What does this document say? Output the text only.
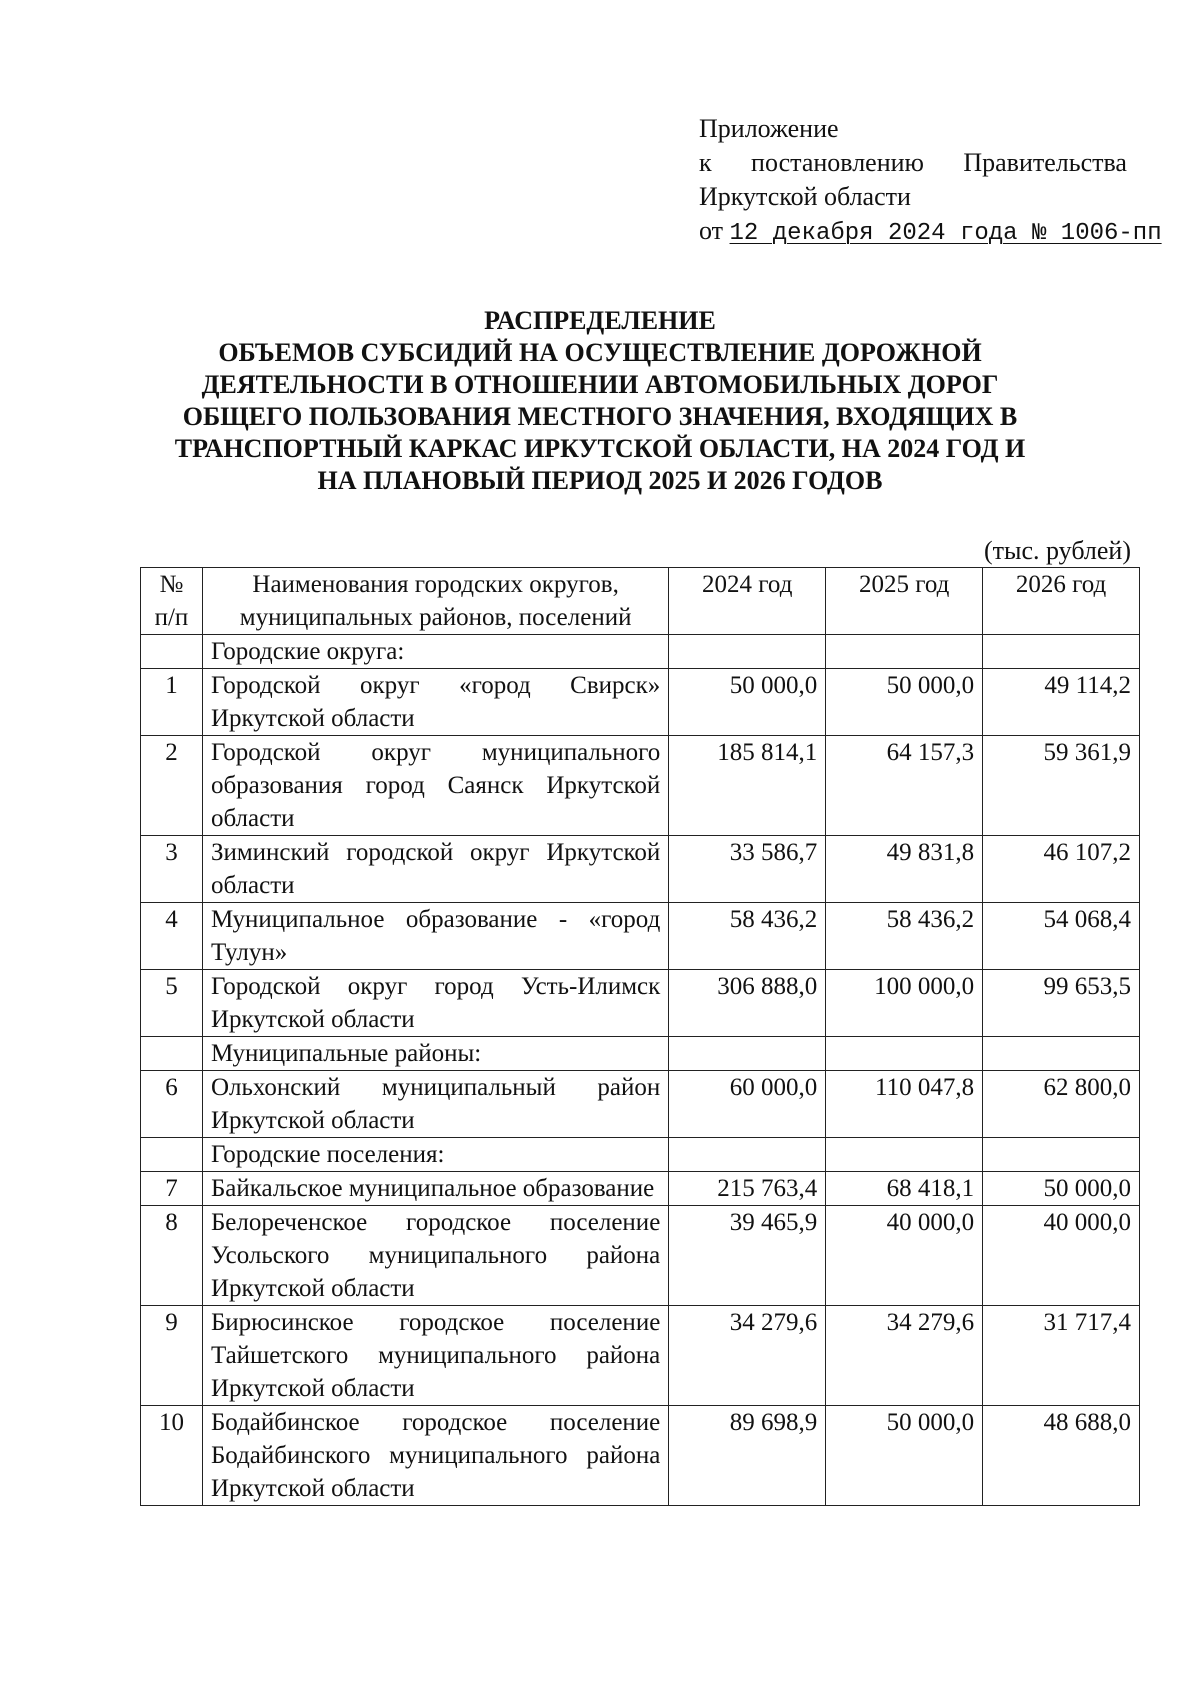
Приложение
к постановлению Правительства
Иркутской области
от 12 декабря 2024 года № 1006-пп
РАСПРЕДЕЛЕНИЕ
ОБЪЕМОВ СУБСИДИЙ НА ОСУЩЕСТВЛЕНИЕ ДОРОЖНОЙ
ДЕЯТЕЛЬНОСТИ В ОТНОШЕНИИ АВТОМОБИЛЬНЫХ ДОРОГ
ОБЩЕГО ПОЛЬЗОВАНИЯ МЕСТНОГО ЗНАЧЕНИЯ, ВХОДЯЩИХ В
ТРАНСПОРТНЫЙ КАРКАС ИРКУТСКОЙ ОБЛАСТИ, НА 2024 ГОД И
НА ПЛАНОВЫЙ ПЕРИОД 2025 И 2026 ГОДОВ
(тыс. рублей)
№ п/п	Наименования городских округов, муниципальных районов, поселений	2024 год	2025 год	2026 год
	Городские округа:			
1	Городской округ «город Свирск» Иркутской области	50 000,0	50 000,0	49 114,2
2	Городской округ муниципального образования город Саянск Иркутской области	185 814,1	64 157,3	59 361,9
3	Зиминский городской округ Иркутской области	33 586,7	49 831,8	46 107,2
4	Муниципальное образование - «город Тулун»	58 436,2	58 436,2	54 068,4
5	Городской округ город Усть-Илимск Иркутской области	306 888,0	100 000,0	99 653,5
	Муниципальные районы:			
6	Ольхонский муниципальный район Иркутской области	60 000,0	110 047,8	62 800,0
	Городские поселения:			
7	Байкальское муниципальное образование	215 763,4	68 418,1	50 000,0
8	Белореченское городское поселение Усольского муниципального района Иркутской области	39 465,9	40 000,0	40 000,0
9	Бирюсинское городское поселение Тайшетского муниципального района Иркутской области	34 279,6	34 279,6	31 717,4
10	Бодайбинское городское поселение Бодайбинского муниципального района Иркутской области	89 698,9	50 000,0	48 688,0
